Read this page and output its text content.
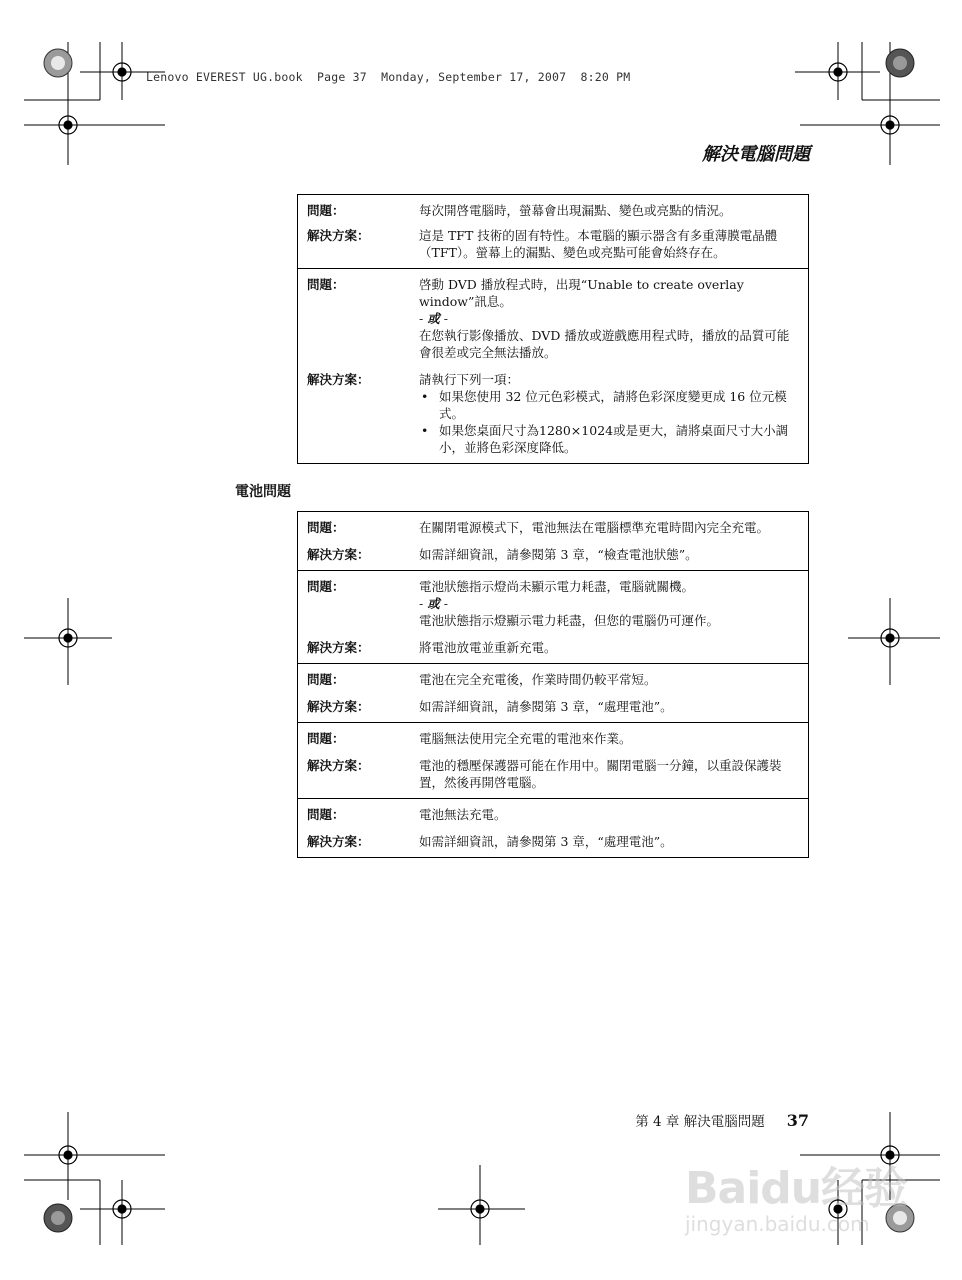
Lenovo EVEREST UG.book  Page 37  Monday, September 17, 2007  8:20 PM
解決電腦問題
問題：	每次開啓電腦時，螢幕會出現漏點、變色或亮點的情況。
解決方案：	這是 TFT 技術的固有特性。本電腦的顯示器含有多重薄膜電晶體（TFT）。螢幕上的漏點、變色或亮點可能會始終存在。
問題：	啓動 DVD 播放程式時，出現“Unable to create overlay window”訊息。

- 或 -

在您執行影像播放、DVD 播放或遊戲應用程式時，播放的品質可能會很差或完全無法播放。

解決方案：	請執行下列一項：

• 如果您使用 32 位元色彩模式，請將色彩深度變更成 16 位元模式。
• 如果您桌面尺寸為1280×1024或是更大，請將桌面尺寸大小調小，並將色彩深度降低。
電池問題
問題：	在關閉電源模式下，電池無法在電腦標準充電時間內完全充電。
解決方案：	如需詳細資訊，請參閱第 3 章，“檢查電池狀態”。
問題：	電池狀態指示燈尚未顯示電力耗盡，電腦就關機。

- 或 -

電池狀態指示燈顯示電力耗盡，但您的電腦仍可運作。

解決方案：	將電池放電並重新充電。
問題：	電池在完全充電後，作業時間仍較平常短。
解決方案：	如需詳細資訊，請參閱第 3 章，“處理電池”。
問題：	電腦無法使用完全充電的電池來作業。
解決方案：	電池的穩壓保護器可能在作用中。關閉電腦一分鐘，以重設保護裝置，然後再開啓電腦。
問題：	電池無法充電。
解決方案：	如需詳細資訊，請參閱第 3 章，“處理電池”。
第 4 章 解決電腦問題 37
Baidu经验
jingyan.baidu.com
